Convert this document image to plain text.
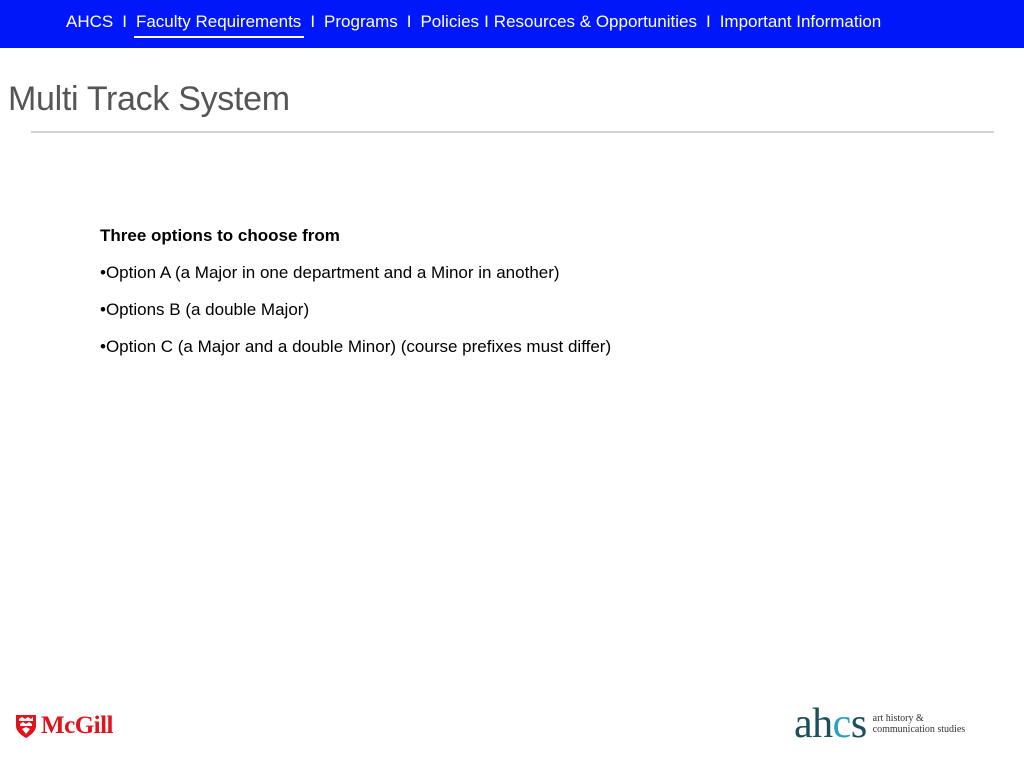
AHCS I Faculty Requirements I Programs I Policies I Resources & Opportunities I Important Information
Multi Track System
Three options to choose from
•Option A (a Major in one department and a Minor in another)
•Options B (a double Major)
•Option C (a Major and a double Minor) (course prefixes must differ)
McGill	ahcs art history &
communication studies
